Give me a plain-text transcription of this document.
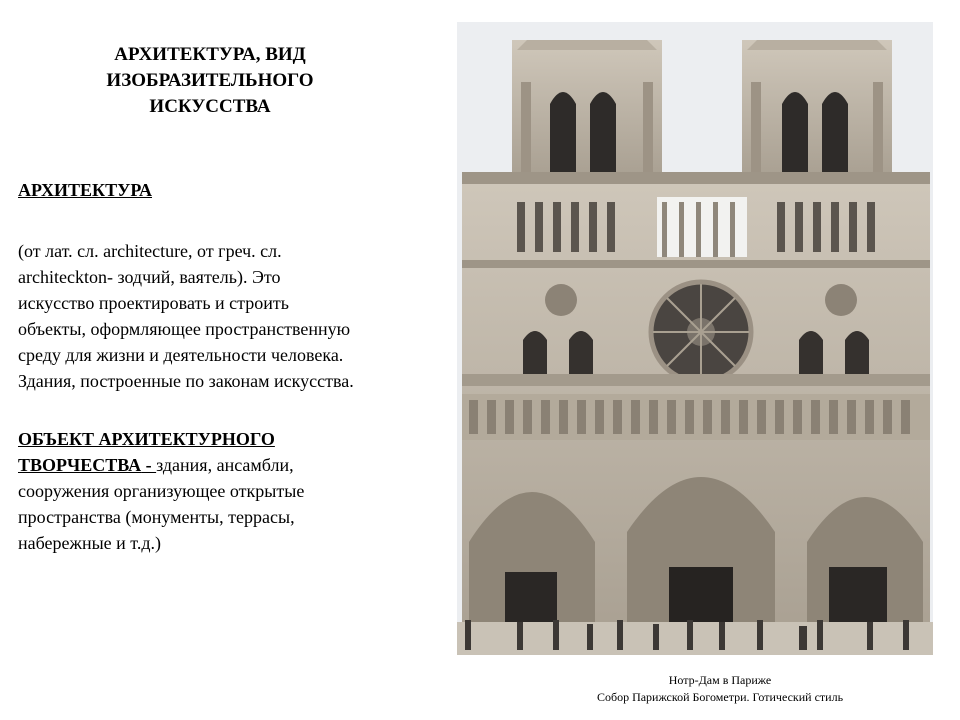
АРХИТЕКТУРА, ВИД
ИЗОБРАЗИТЕЛЬНОГО
ИСКУССТВА
АРХИТЕКТУРА
(от лат. сл. architecture, от греч. сл.
architeckton- зодчий, ваятель). Это
искусство проектировать и строить
объекты, оформляющее пространственную
среду для жизни и деятельности человека.
Здания, построенные по законам искусства.
ОБЪЕКТ АРХИТЕКТУРНОГО
ТВОРЧЕСТВА - здания, ансамбли,
сооружения организующее открытые
пространства (монументы, террасы,
набережные и т.д.)
Нотр-Дам в Париже
Собор Парижской Богометри. Готический стиль
